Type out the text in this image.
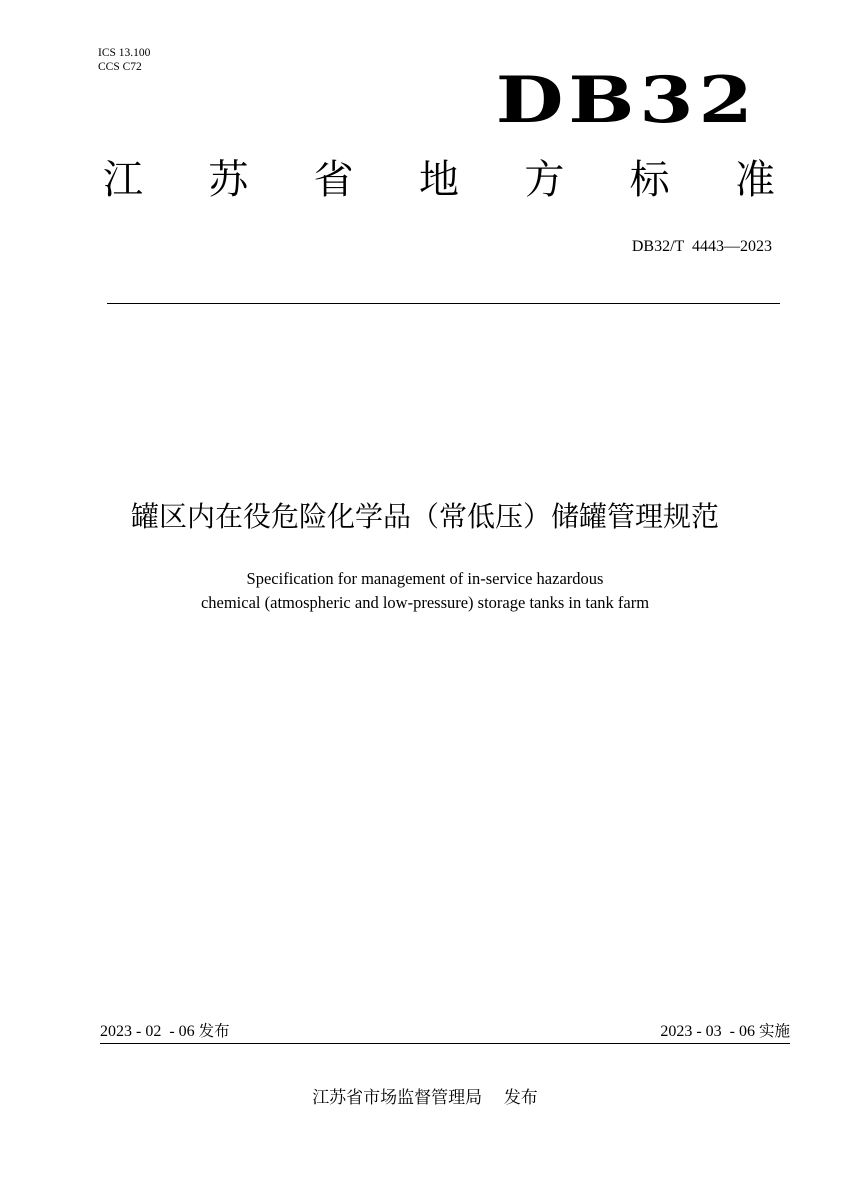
ICS 13.100
CCS C72	DB32
江 苏 省 地 方 标 准
DB32/T  4443—2023
罐区内在役危险化学品（常低压）储罐管理规范
Specification for management of in-service hazardous
chemical (atmospheric and low-pressure) storage tanks in tank farm
2023 - 02  - 06 发布	2023 - 03  - 06 实施
江苏省市场监督管理局 发布
